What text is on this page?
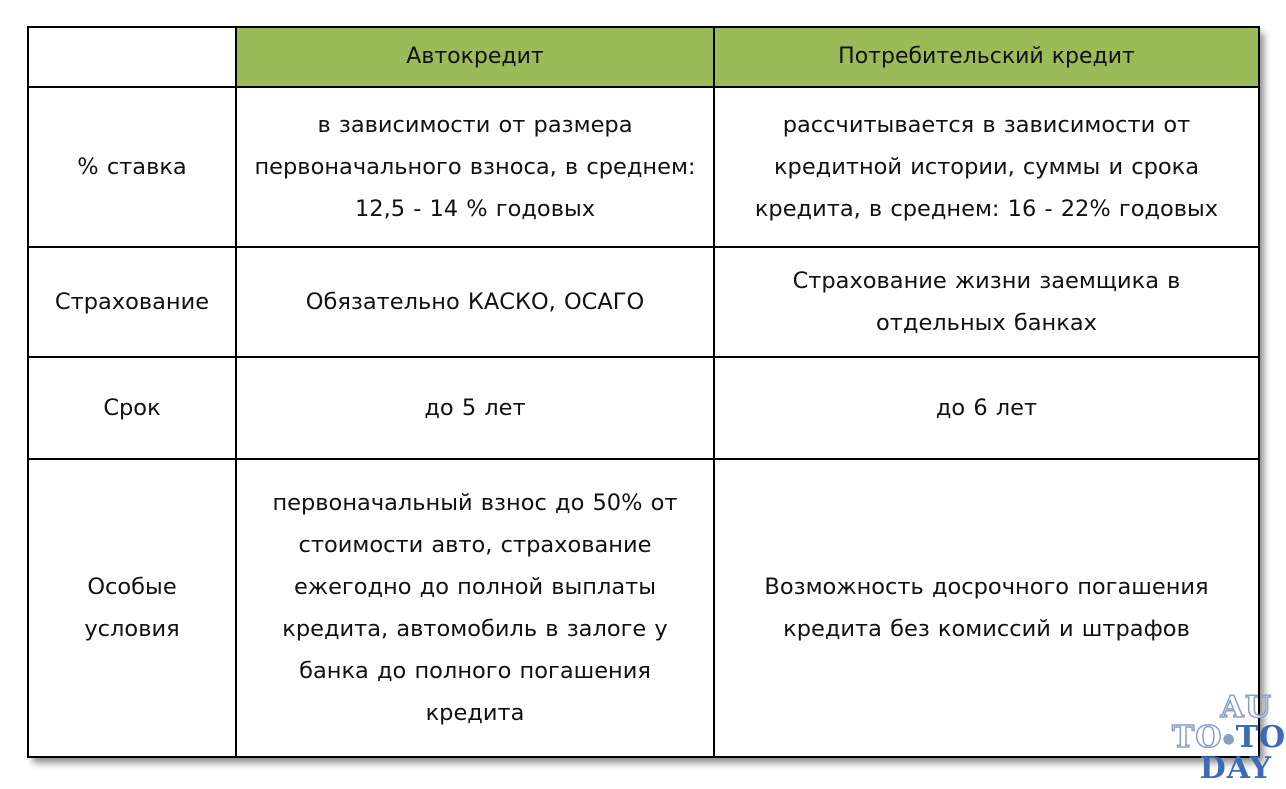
	Автокредит	Потребительский кредит
% ставка	в зависимости от размера первоначального взноса, в среднем: 12,5 - 14 % годовых	рассчитывается в зависимости от кредитной истории, суммы и срока кредита, в среднем: 16 - 22% годовых
Страхование	Обязательно КАСКО, ОСАГО	Страхование жизни заемщика в отдельных банках
Срок	до 5 лет	до 6 лет
Особые условия	первоначальный взнос до 50% от стоимости авто, страхование ежегодно до полной выплаты кредита, автомобиль в залоге у банка до полного погашения кредита	Возможность досрочного погашения кредита без комиссий и штрафов
AU
TO●TO
DAY
